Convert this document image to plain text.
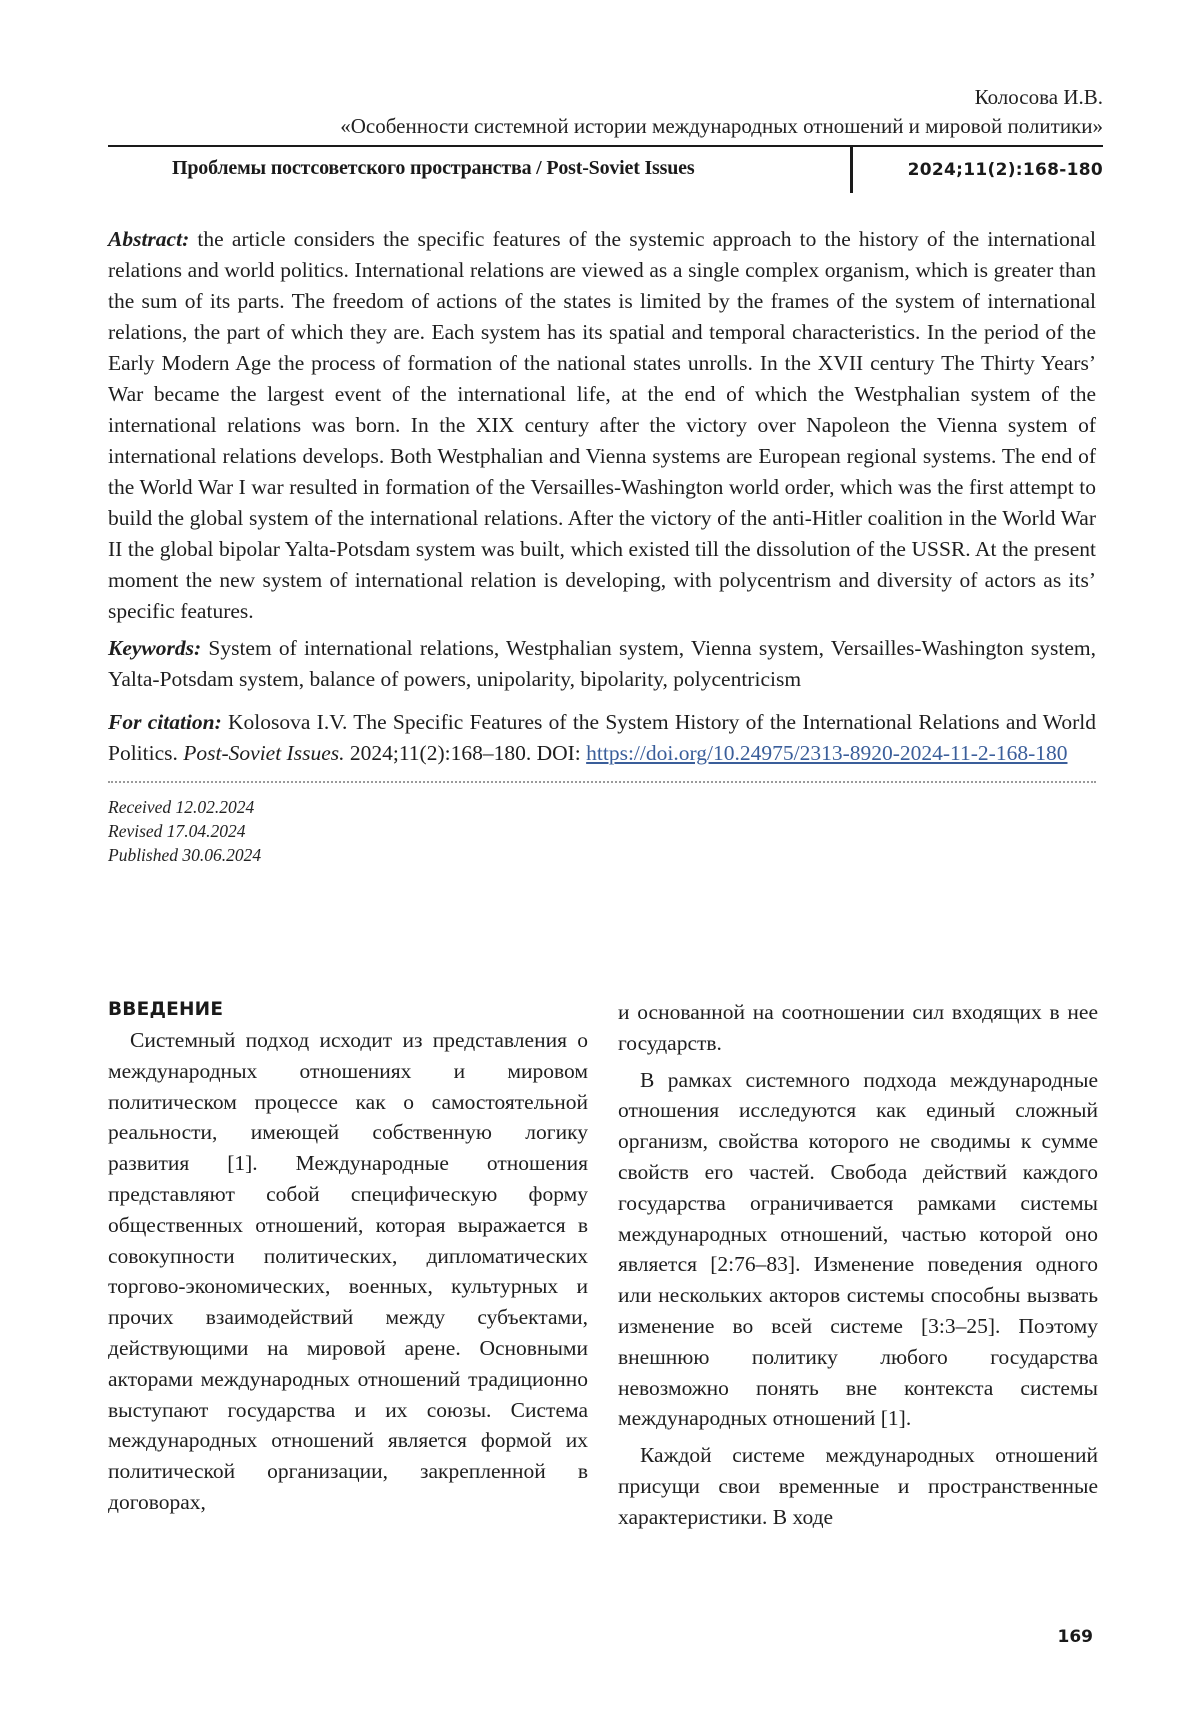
Колосова И.В.
«Особенности системной истории международных отношений и мировой политики»
Проблемы постсоветского пространства / Post-Soviet Issues	2024;11(2):168-180

Abstract: the article considers the specific features of the systemic approach to the history of the international relations and world politics. International relations are viewed as a single complex organism, which is greater than the sum of its parts. The freedom of actions of the states is limited by the frames of the system of international relations, the part of which they are. Each system has its spatial and temporal characteristics. In the period of the Early Modern Age the process of formation of the national states unrolls. In the XVII century The Thirty Years’ War became the largest event of the international life, at the end of which the Westphalian system of the international relations was born. In the XIX century after the victory over Napoleon the Vienna system of international relations develops. Both Westphalian and Vienna systems are European regional systems. The end of the World War I war resulted in formation of the Versailles-Washington world order, which was the first attempt to build the global system of the international relations. After the victory of the anti-Hitler coalition in the World War II the global bipolar Yalta-Potsdam system was built, which existed till the dissolution of the USSR. At the present moment the new system of international relation is developing, with polycentrism and diversity of actors as its’ specific features.

Keywords: System of international relations, Westphalian system, Vienna system, Versailles-Washington system, Yalta-Potsdam system, balance of powers, unipolarity, bipolarity, polycentricism

For citation: Kolosova I.V. The Specific Features of the System History of the International Relations and World Politics. Post-Soviet Issues. 2024;11(2):168–180. DOI: https://doi.org/10.24975/2313-8920-2024-11-2-168-180

Received 12.02.2024
Revised 17.04.2024
Published 30.06.2024
ВВЕДЕНИЕ

Системный подход исходит из представления о международных отношениях и мировом политическом процессе как о самостоятельной реальности, имеющей собственную логику развития [1]. Международные отношения представляют собой специфическую форму общественных отношений, которая выражается в совокупности политических, дипломатических торгово-экономических, военных, культурных и прочих взаимодействий между субъектами, действующими на мировой арене. Основными акторами международных отношений традиционно выступают государства и их союзы. Система международных отношений является формой их политической организации, закрепленной в договорах,

и основанной на соотношении сил входящих в нее государств.

В рамках системного подхода международные отношения исследуются как единый сложный организм, свойства которого не сводимы к сумме свойств его частей. Свобода действий каждого государства ограничивается рамками системы международных отношений, частью которой оно является [2:76–83]. Изменение поведения одного или нескольких акторов системы способны вызвать изменение во всей системе [3:3–25]. Поэтому внешнюю политику любого государства невозможно понять вне контекста системы международных отношений [1].

Каждой системе международных отношений присущи свои временные и пространственные характеристики. В ходе

169
